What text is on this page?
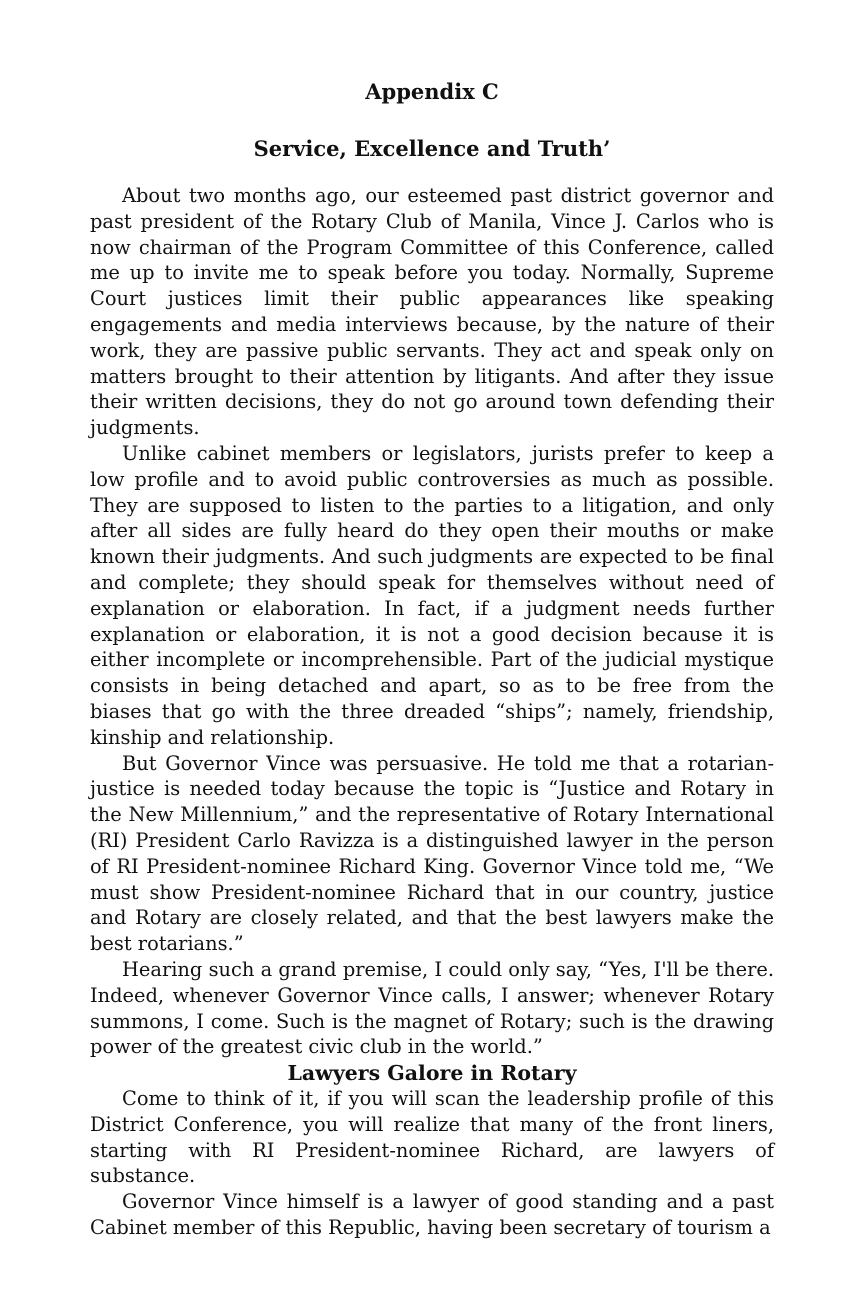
Appendix C
Service, Excellence and Truth’

About two months ago, our esteemed past district governor and past president of the Rotary Club of Manila, Vince J. Carlos who is now chairman of the Program Committee of this Conference, called me up to invite me to speak before you today. Normally, Supreme Court justices limit their public appearances like speaking engagements and media interviews because, by the nature of their work, they are passive public servants. They act and speak only on matters brought to their attention by litigants. And after they issue their written decisions, they do not go around town defending their judgments.

Unlike cabinet members or legislators, jurists prefer to keep a low profile and to avoid public controversies as much as possible. They are supposed to listen to the parties to a litigation, and only after all sides are fully heard do they open their mouths or make known their judgments. And such judgments are expected to be final and complete; they should speak for themselves without need of explanation or elaboration. In fact, if a judgment needs further explanation or elaboration, it is not a good decision because it is either incomplete or incomprehensible. Part of the judicial mystique consists in being detached and apart, so as to be free from the biases that go with the three dreaded “ships”; namely, friendship, kinship and relationship.

But Governor Vince was persuasive. He told me that a rotarian-justice is needed today because the topic is “Justice and Rotary in the New Millennium,” and the representative of Rotary International (RI) President Carlo Ravizza is a distinguished lawyer in the person of RI President-nominee Richard King. Governor Vince told me, “We must show President-nominee Richard that in our country, justice and Rotary are closely related, and that the best lawyers make the best rotarians.”

Hearing such a grand premise, I could only say, “Yes, I'll be there. Indeed, whenever Governor Vince calls, I answer; whenever Rotary summons, I come. Such is the magnet of Rotary; such is the drawing power of the greatest civic club in the world.”

Lawyers Galore in Rotary

Come to think of it, if you will scan the leadership profile of this District Conference, you will realize that many of the front liners, starting with RI President-nominee Richard, are lawyers of substance.

Governor Vince himself is a lawyer of good standing and a past Cabinet member of this Republic, having been secretary of tourism a
